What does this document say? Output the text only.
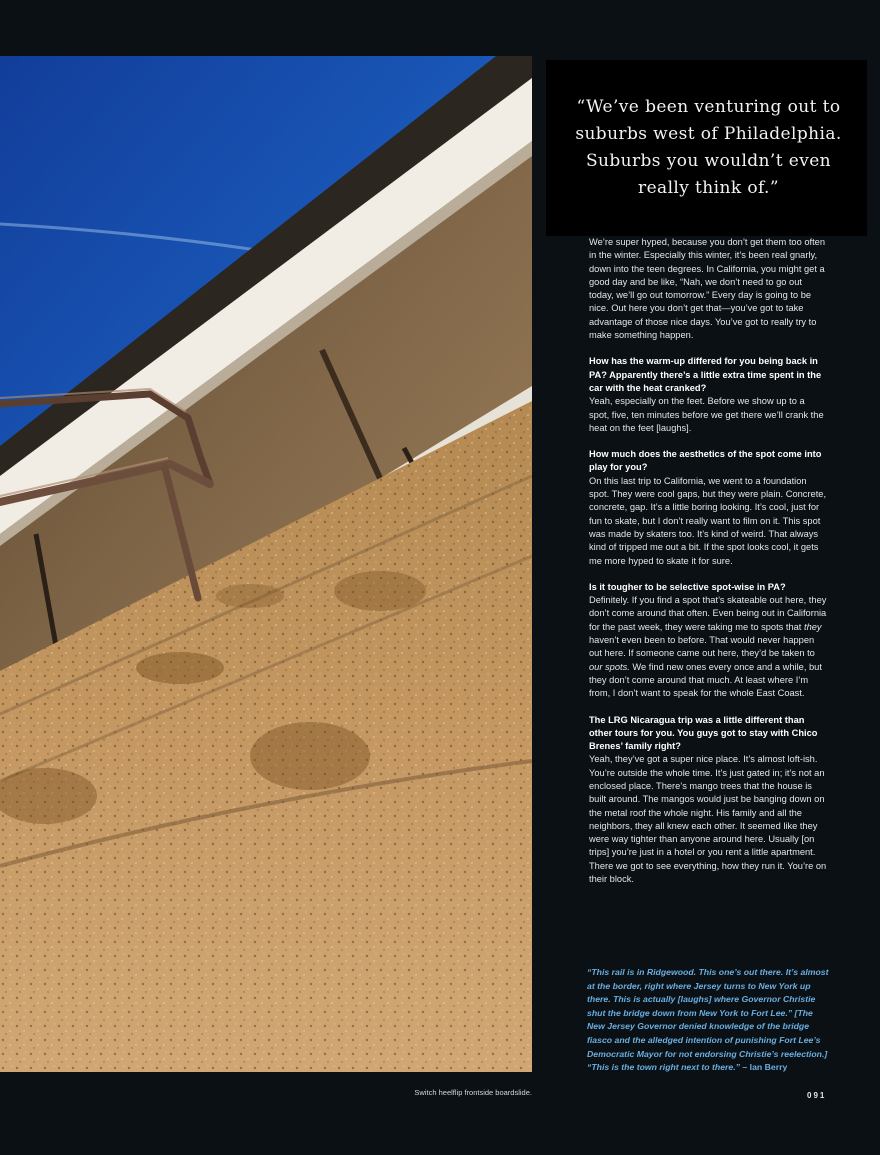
Switch heelflip frontside boardslide.

“We’ve been venturing out to suburbs west of Philadelphia. Suburbs you wouldn’t even really think of.”

We’re super hyped, because you don’t get them too often in the winter. Especially this winter, it’s been real gnarly, down into the teen degrees. In California, you might get a good day and be like, “Nah, we don’t need to go out today, we’ll go out tomorrow.” Every day is going to be nice. Out here you don’t get that—you’ve got to take advantage of those nice days. You’ve got to really try to make something happen.

How has the warm-up differed for you being back in PA? Apparently there’s a little extra time spent in the car with the heat cranked?
Yeah, especially on the feet. Before we show up to a spot, five, ten minutes before we get there we’ll crank the heat on the feet [laughs].

How much does the aesthetics of the spot come into play for you?
On this last trip to California, we went to a foundation spot. They were cool gaps, but they were plain. Concrete, concrete, gap. It’s a little boring looking. It’s cool, just for fun to skate, but I don’t really want to film on it. This spot was made by skaters too. It’s kind of weird. That always kind of tripped me out a bit. If the spot looks cool, it gets me more hyped to skate it for sure.

Is it tougher to be selective spot-wise in PA?
Definitely. If you find a spot that’s skateable out here, they don’t come around that often. Even being out in California for the past week, they were taking me to spots that they haven’t even been to before. That would never happen out here. If someone came out here, they’d be taken to our spots. We find new ones every once and a while, but they don’t come around that much. At least where I’m from, I don’t want to speak for the whole East Coast.

The LRG Nicaragua trip was a little different than other tours for you. You guys got to stay with Chico Brenes’ family right?
Yeah, they’ve got a super nice place. It’s almost loft-ish. You’re outside the whole time. It’s just gated in; it’s not an enclosed place. There’s mango trees that the house is built around. The mangos would just be banging down on the metal roof the whole night. His family and all the neighbors, they all knew each other. It seemed like they were way tighter than anyone around here. Usually [on trips] you’re just in a hotel or you rent a little apartment. There we got to see everything, how they run it. You’re on their block.

“This rail is in Ridgewood. This one’s out there. It’s almost at the border, right where Jersey turns to New York up there. This is actually [laughs] where Governor Christie shut the bridge down from New York to Fort Lee.” [The New Jersey Governor denied knowledge of the bridge fiasco and the alledged intention of punishing Fort Lee’s Democratic Mayor for not endorsing Christie’s reelection.] “This is the town right next to there.” – Ian Berry
091
